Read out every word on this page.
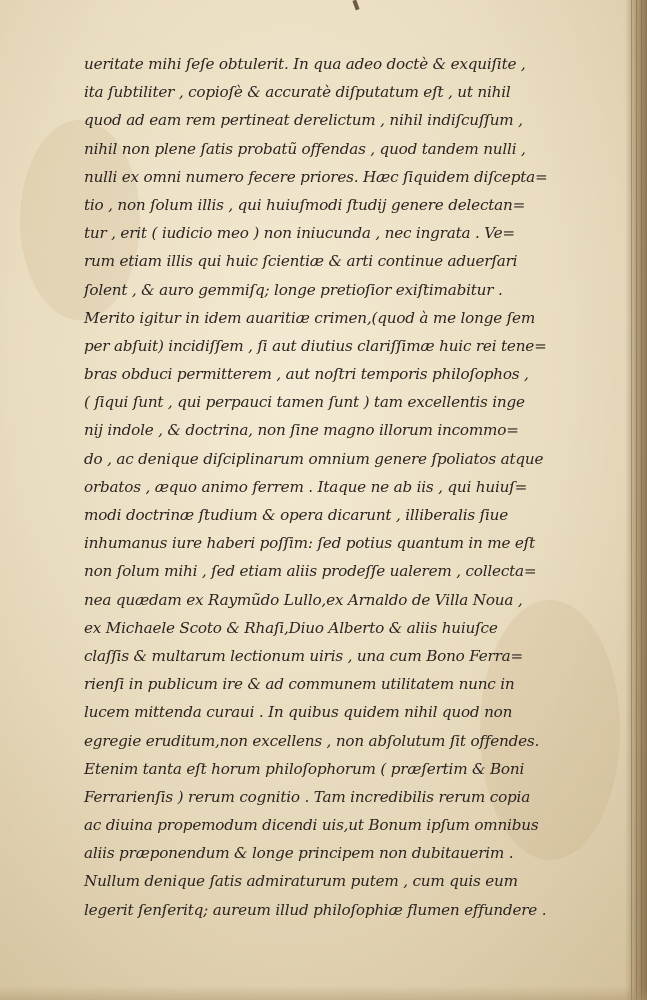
ueritate mihi ſeſe obtulerit. In qua adeo doctè & exquiſite ,
ita ſubtiliter , copioſè & accuratè diſputatum eſt , ut nihil
quod ad eam rem pertineat derelictum , nihil indiſcuſſum ,
nihil non plene ſatis probatũ offendas , quod tandem nulli ,
nulli ex omni numero fecere priores. Hæc ſiquidem diſcepta=
tio , non ſolum illis , qui huiuſmodi ſtudij genere delectan=
tur , erit ( iudicio meo ) non iniucunda , nec ingrata . Ve=
rum etiam illis qui huic ſcientiæ & arti continue aduerſari
ſolent , & auro gemmiſq; longe pretioſior exiſtimabitur .
Merito igitur in idem auaritiæ crimen,(quod à me longe ſem
per abſuit) incidiſſem , ſi aut diutius clariſſimæ huic rei tene=
bras obduci permitterem , aut noſtri temporis philoſophos ,
( ſiqui ſunt , qui perpauci tamen ſunt ) tam excellentis inge
nij indole , & doctrina, non ſine magno illorum incommo=
do , ac denique diſciplinarum omnium genere ſpoliatos atque
orbatos , æquo animo ferrem . Itaque ne ab iis , qui huiuſ=
modi doctrinæ ſtudium & opera dicarunt , illiberalis ſiue
inhumanus iure haberi poſſim: ſed potius quantum in me eſt
non ſolum mihi , ſed etiam aliis prodeſſe ualerem , collecta=
nea quædam ex Raymũdo Lullo,ex Arnaldo de Villa Noua ,
ex Michaele Scoto & Rhaſi,Diuo Alberto & aliis huiuſce
claſſis & multarum lectionum uiris , una cum Bono Ferra=
rienſi in publicum ire & ad communem utilitatem nunc in
lucem mittenda curaui . In quibus quidem nihil quod non
egregie eruditum,non excellens , non abſolutum ſit offendes.
Etenim tanta eſt horum philoſophorum ( præſertim & Boni
Ferrarienſis ) rerum cognitio . Tam incredibilis rerum copia
ac diuina propemodum dicendi uis,ut Bonum ipſum omnibus
aliis præponendum & longe principem non dubitauerim .
Nullum denique ſatis admiraturum putem , cum quis eum
legerit ſenſeritq; aureum illud philoſophiæ flumen effundere .
